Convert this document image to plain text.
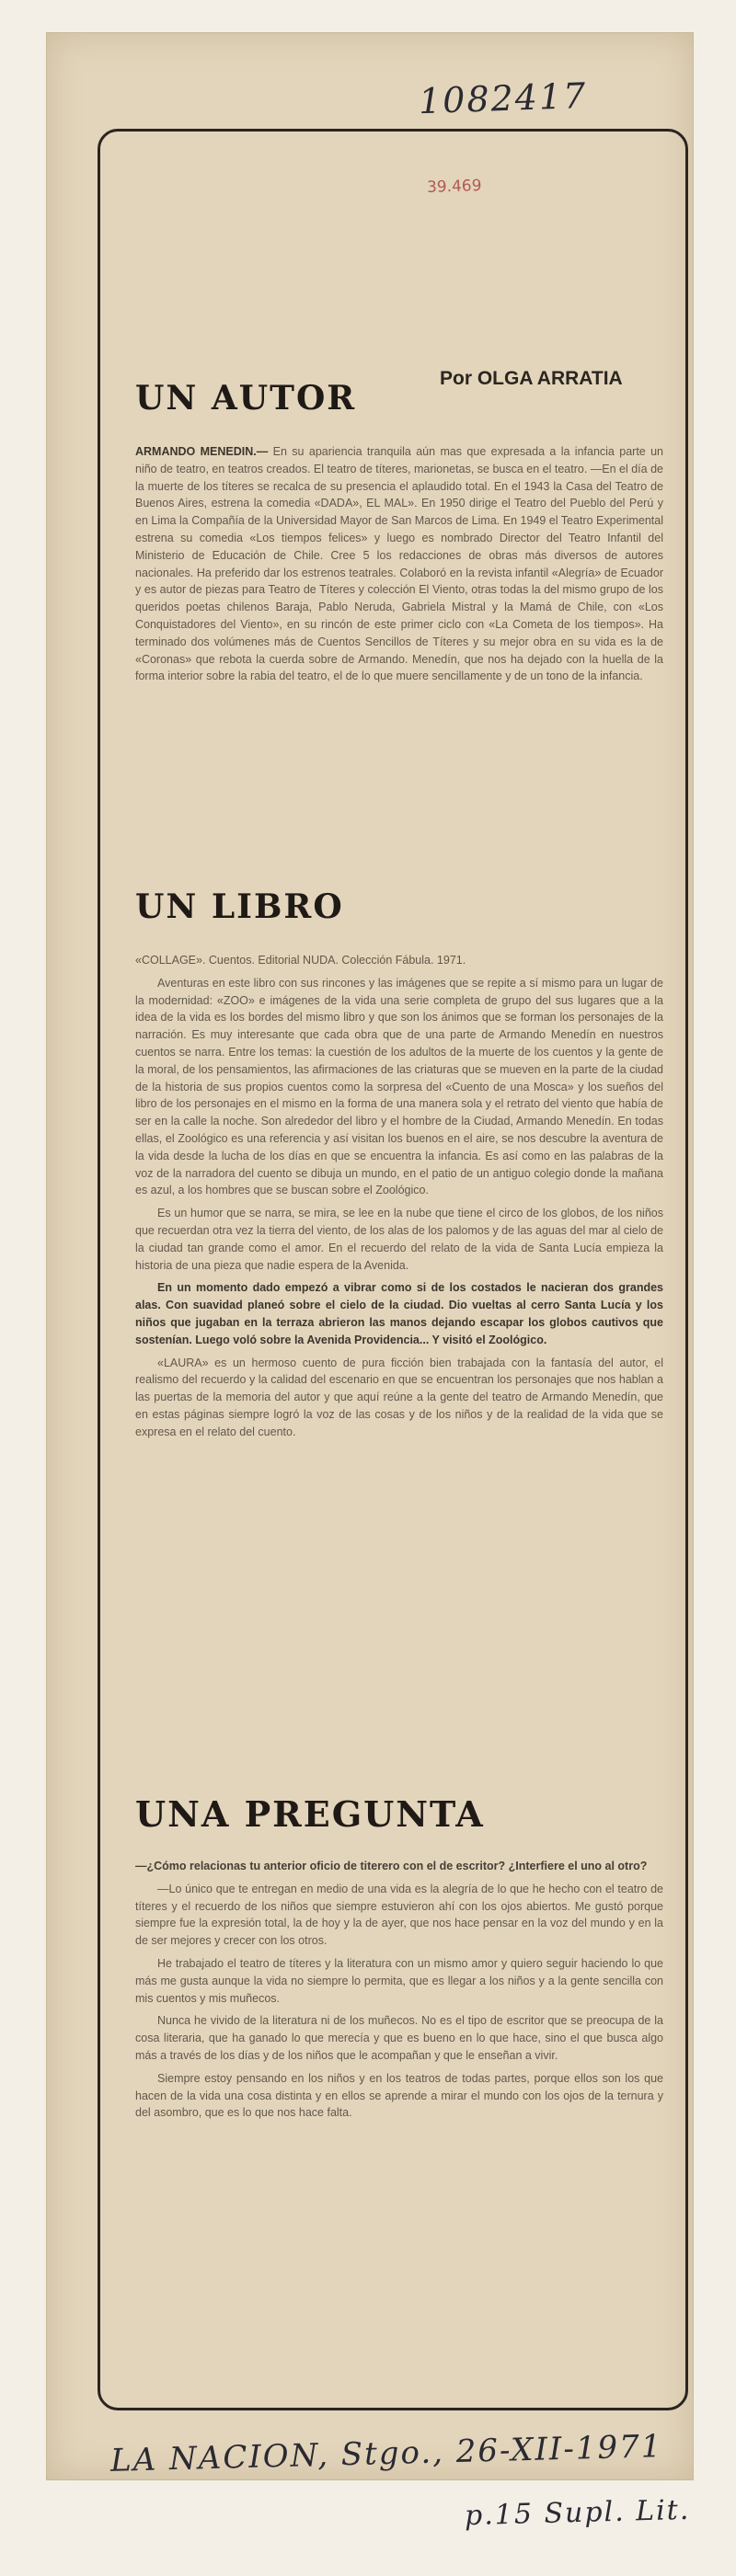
1082417
39.469
Por OLGA ARRATIA
UN AUTOR

ARMANDO MENEDIN.— En su apariencia tranquila aún mas que expresada a la infancia parte un niño de teatro, en teatros creados. El teatro de títeres, marionetas, se busca en el teatro. —En el día de la muerte de los títeres se recalca de su presencia el aplaudido total. En el 1943 la Casa del Teatro de Buenos Aires, estrena la comedia «DADA», EL MAL». En 1950 dirige el Teatro del Pueblo del Perú y en Lima la Compañía de la Universidad Mayor de San Marcos de Lima. En 1949 el Teatro Experimental estrena su comedia «Los tiempos felices» y luego es nombrado Director del Teatro Infantil del Ministerio de Educación de Chile. Cree 5 los redacciones de obras más diversos de autores nacionales. Ha preferido dar los estrenos teatrales. Colaboró en la revista infantil «Alegría» de Ecuador y es autor de piezas para Teatro de Títeres y colección El Viento, otras todas la del mismo grupo de los queridos poetas chilenos Baraja, Pablo Neruda, Gabriela Mistral y la Mamá de Chile, con «Los Conquistadores del Viento», en su rincón de este primer ciclo con «La Cometa de los tiempos». Ha terminado dos volúmenes más de Cuentos Sencillos de Títeres y su mejor obra en su vida es la de «Coronas» que rebota la cuerda sobre de Armando. Menedín, que nos ha dejado con la huella de la forma interior sobre la rabia del teatro, el de lo que muere sencillamente y de un tono de la infancia.

UN LIBRO

«COLLAGE». Cuentos. Editorial NUDA. Colección Fábula. 1971.

Aventuras en este libro con sus rincones y las imágenes que se repite a sí mismo para un lugar de la modernidad: «ZOO» e imágenes de la vida una serie completa de grupo del sus lugares que a la idea de la vida es los bordes del mismo libro y que son los ánimos que se forman los personajes de la narración. Es muy interesante que cada obra que de una parte de Armando Menedín en nuestros cuentos se narra. Entre los temas: la cuestión de los adultos de la muerte de los cuentos y la gente de la moral, de los pensamientos, las afirmaciones de las criaturas que se mueven en la parte de la ciudad de la historia de sus propios cuentos como la sorpresa del «Cuento de una Mosca» y los sueños del libro de los personajes en el mismo en la forma de una manera sola y el retrato del viento que había de ser en la calle la noche. Son alrededor del libro y el hombre de la Ciudad, Armando Menedín. En todas ellas, el Zoológico es una referencia y así visitan los buenos en el aire, se nos descubre la aventura de la vida desde la lucha de los días en que se encuentra la infancia. Es así como en las palabras de la voz de la narradora del cuento se dibuja un mundo, en el patio de un antiguo colegio donde la mañana es azul, a los hombres que se buscan sobre el Zoológico.

Es un humor que se narra, se mira, se lee en la nube que tiene el circo de los globos, de los niños que recuerdan otra vez la tierra del viento, de los alas de los palomos y de las aguas del mar al cielo de la ciudad tan grande como el amor. En el recuerdo del relato de la vida de Santa Lucía empieza la historia de una pieza que nadie espera de la Avenida.

En un momento dado empezó a vibrar como si de los costados le nacieran dos grandes alas. Con suavidad planeó sobre el cielo de la ciudad. Dio vueltas al cerro Santa Lucía y los niños que jugaban en la terraza abrieron las manos dejando escapar los globos cautivos que sostenían. Luego voló sobre la Avenida Providencia... Y visitó el Zoológico.

«LAURA» es un hermoso cuento de pura ficción bien trabajada con la fantasía del autor, el realismo del recuerdo y la calidad del escenario en que se encuentran los personajes que nos hablan a las puertas de la memoria del autor y que aquí reúne a la gente del teatro de Armando Menedín, que en estas páginas siempre logró la voz de las cosas y de los niños y de la realidad de la vida que se expresa en el relato del cuento.

UNA PREGUNTA

—¿Cómo relacionas tu anterior oficio de titerero con el de escritor? ¿Interfiere el uno al otro?

—Lo único que te entregan en medio de una vida es la alegría de lo que he hecho con el teatro de títeres y el recuerdo de los niños que siempre estuvieron ahí con los ojos abiertos. Me gustó porque siempre fue la expresión total, la de hoy y la de ayer, que nos hace pensar en la voz del mundo y en la de ser mejores y crecer con los otros.

He trabajado el teatro de títeres y la literatura con un mismo amor y quiero seguir haciendo lo que más me gusta aunque la vida no siempre lo permita, que es llegar a los niños y a la gente sencilla con mis cuentos y mis muñecos.

Nunca he vivido de la literatura ni de los muñecos. No es el tipo de escritor que se preocupa de la cosa literaria, que ha ganado lo que merecía y que es bueno en lo que hace, sino el que busca algo más a través de los días y de los niños que le acompañan y que le enseñan a vivir.

Siempre estoy pensando en los niños y en los teatros de todas partes, porque ellos son los que hacen de la vida una cosa distinta y en ellos se aprende a mirar el mundo con los ojos de la ternura y del asombro, que es lo que nos hace falta.

LA NACION, Stgo., 26-XII-1971
p.15 Supl. Lit.
